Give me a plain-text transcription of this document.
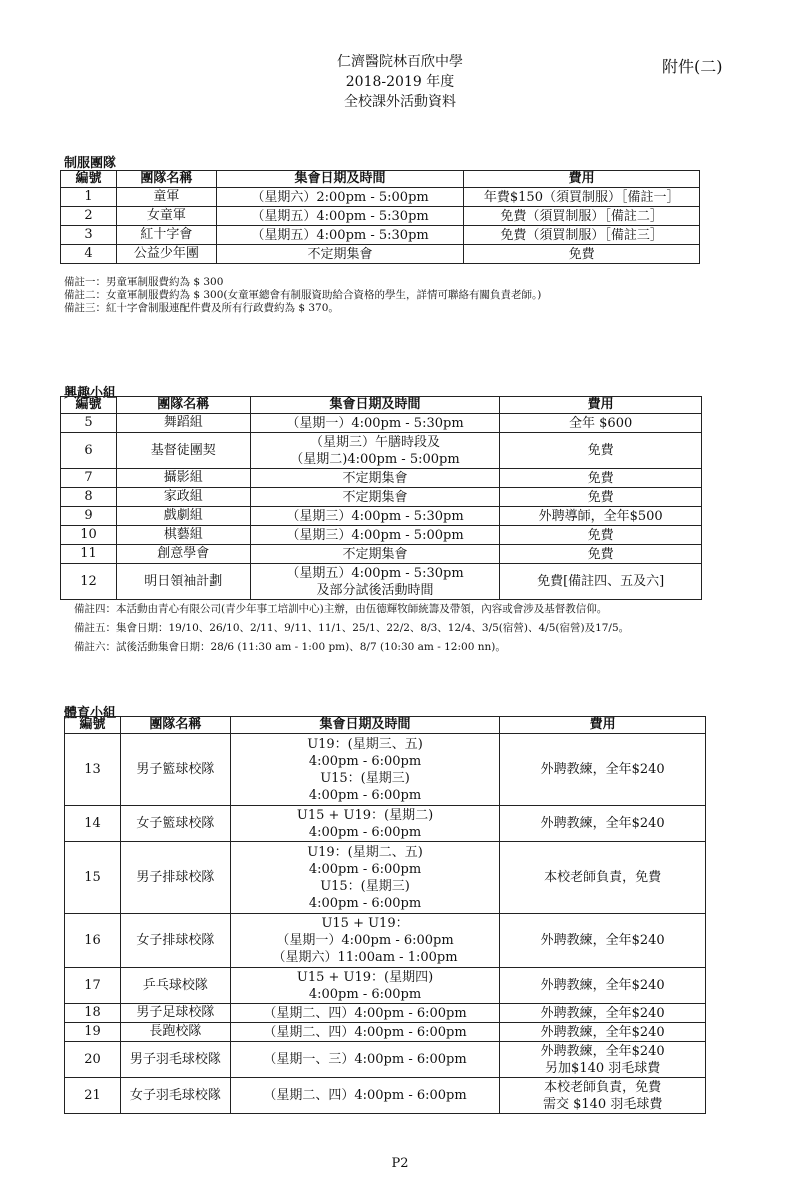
仁濟醫院林百欣中學
2018-2019 年度
全校課外活動資料
附件(二)
制服團隊
編號	團隊名稱	集會日期及時間	費用
1	童軍	（星期六）2:00pm - 5:00pm	年費$150（須買制服）［備註一］

2	女童軍	（星期五）4:00pm - 5:30pm	免費（須買制服）［備註二］

3	紅十字會	（星期五）4:00pm - 5:30pm	免費（須買制服）［備註三］

4	公益少年團	不定期集會	免費
備註一：男童軍制服費約為 $ 300
備註二：女童軍制服費約為 $ 300(女童軍總會有制服資助給合資格的學生，詳情可聯絡有關負責老師。)
備註三：紅十字會制服連配件費及所有行政費約為 $ 370。
興趣小組
編號	團隊名稱	集會日期及時間	費用
5	舞蹈組	（星期一）4:00pm - 5:30pm	全年 $600

6	基督徒團契	（星期三）午膳時段及
（星期二)4:00pm - 5:00pm	免費

7	攝影組	不定期集會	免費

8	家政組	不定期集會	免費

9	戲劇組	（星期三）4:00pm - 5:30pm	外聘導師，全年$500

10	棋藝組	（星期三）4:00pm - 5:00pm	免費

11	創意學會	不定期集會	免費

12	明日領袖計劃	（星期五）4:00pm - 5:30pm
及部分試後活動時間	免費[備註四、五及六]
備註四：本活動由青心有限公司(青少年事工培訓中心)主辦，由伍德輝牧師統籌及帶領，內容或會涉及基督教信仰。
備註五：集會日期：19/10、26/10、2/11、9/11、11/1、25/1、22/2、8/3、12/4、3/5(宿營)、4/5(宿營)及17/5。
備註六：試後活動集會日期：28/6 (11:30 am - 1:00 pm)、8/7 (10:30 am - 12:00 nn)。
體育小組
編號	團隊名稱	集會日期及時間	費用
13	男子籃球校隊	U19：(星期三、五)
4:00pm - 6:00pm
U15：(星期三)
4:00pm - 6:00pm	外聘教練，全年$240

14	女子籃球校隊	U15 + U19：(星期二)
4:00pm - 6:00pm	外聘教練，全年$240

15	男子排球校隊	U19：(星期二、五)
4:00pm - 6:00pm
U15：(星期三)
4:00pm - 6:00pm	本校老師負責，免費

16	女子排球校隊	U15 + U19：
（星期一）4:00pm - 6:00pm
（星期六）11:00am - 1:00pm	外聘教練，全年$240

17	乒乓球校隊	U15 + U19：(星期四)
4:00pm - 6:00pm	外聘教練，全年$240

18	男子足球校隊	（星期二、四）4:00pm - 6:00pm	外聘教練，全年$240

19	長跑校隊	（星期二、四）4:00pm - 6:00pm	外聘教練，全年$240

20	男子羽毛球校隊	（星期一、三）4:00pm - 6:00pm	外聘教練，全年$240
另加$140 羽毛球費

21	女子羽毛球校隊	（星期二、四）4:00pm - 6:00pm	本校老師負責，免費
需交 $140 羽毛球費
P2
